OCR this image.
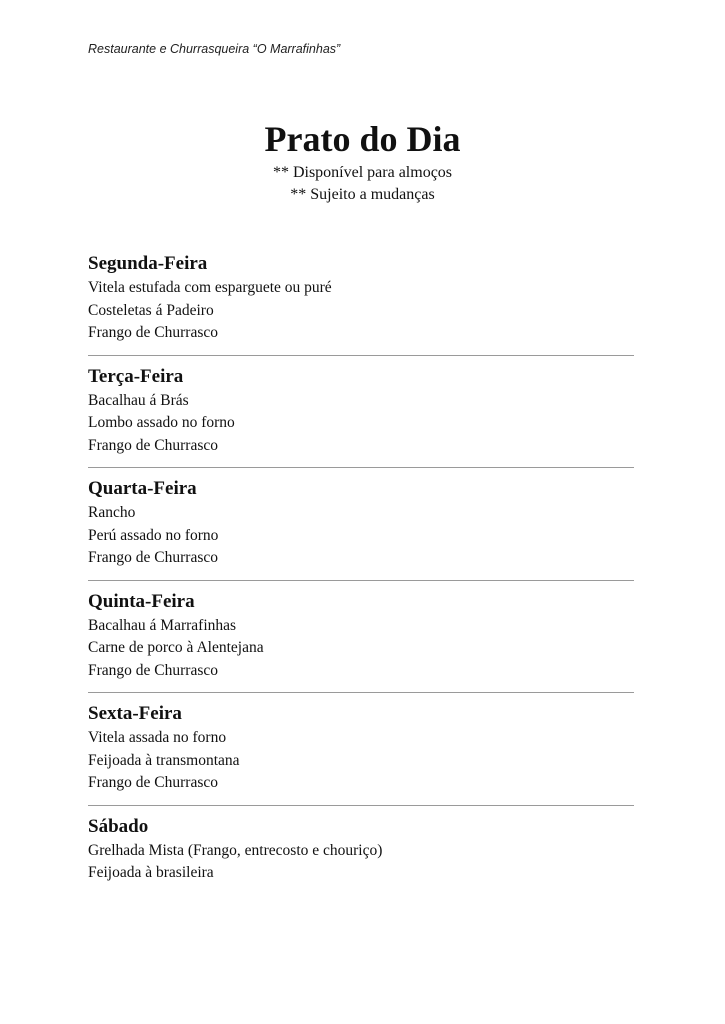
Restaurante e Churrasqueira “O Marrafinhas”
Prato do Dia
** Disponível para almoços
** Sujeito a mudanças
Segunda-Feira
Vitela estufada com esparguete ou puré
Costeletas á Padeiro
Frango de Churrasco
Terça-Feira
Bacalhau á Brás
Lombo assado no forno
Frango de Churrasco
Quarta-Feira
Rancho
Perú assado no forno
Frango de Churrasco
Quinta-Feira
Bacalhau á Marrafinhas
Carne de porco à Alentejana
Frango de Churrasco
Sexta-Feira
Vitela assada no forno
Feijoada à transmontana
Frango de Churrasco
Sábado
Grelhada Mista (Frango, entrecosto e chouriço)
Feijoada à brasileira
